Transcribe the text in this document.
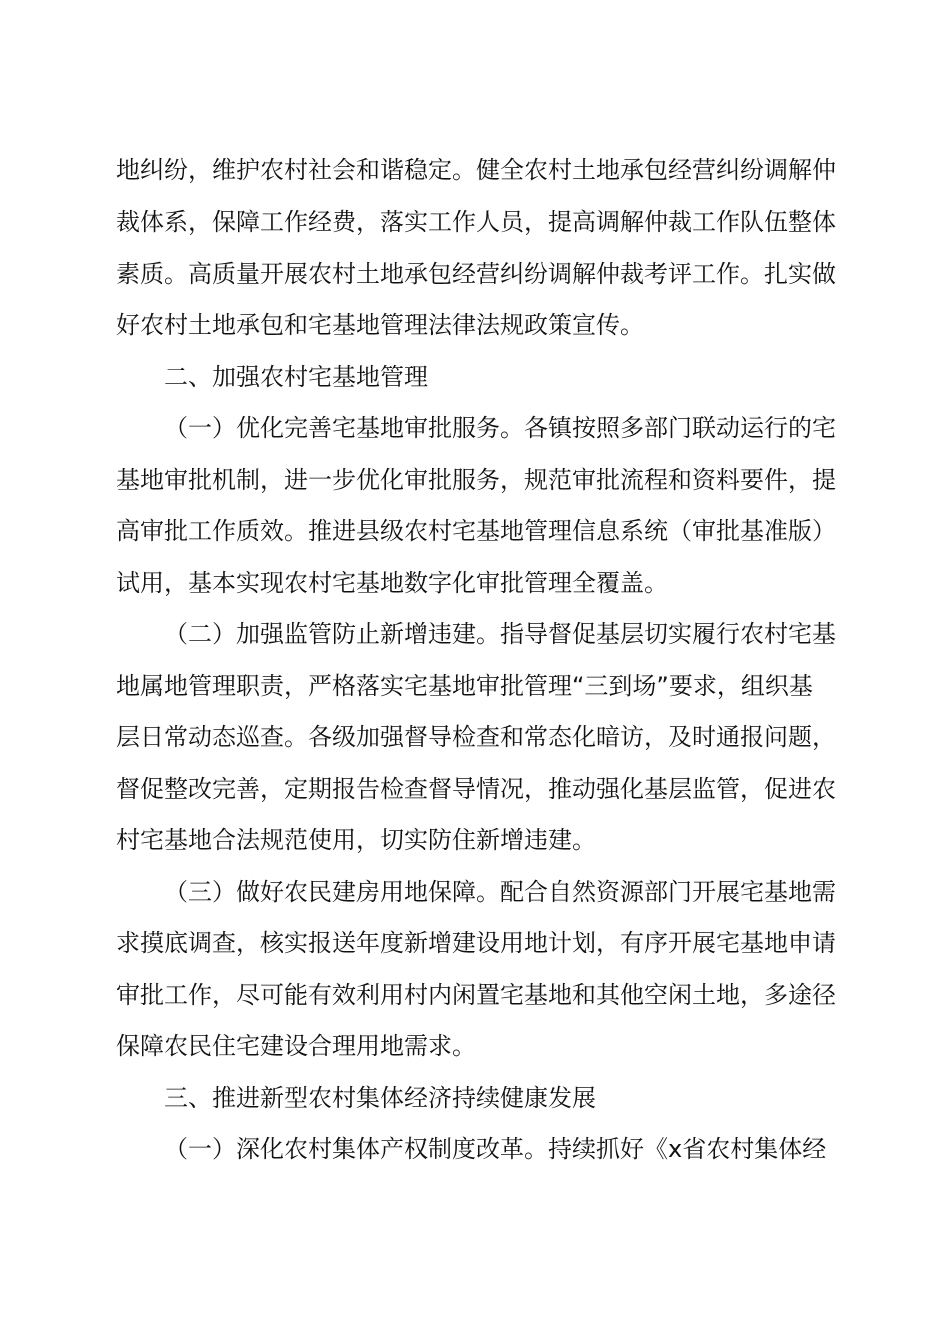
地纠纷，维护农村社会和谐稳定。健全农村土地承包经营纠纷调解仲
裁体系，保障工作经费，落实工作人员，提高调解仲裁工作队伍整体
素质。高质量开展农村土地承包经营纠纷调解仲裁考评工作。扎实做
好农村土地承包和宅基地管理法律法规政策宣传。
二、加强农村宅基地管理
（一）优化完善宅基地审批服务。各镇按照多部门联动运行的宅
基地审批机制，进一步优化审批服务，规范审批流程和资料要件，提
高审批工作质效。推进县级农村宅基地管理信息系统（审批基准版）
试用，基本实现农村宅基地数字化审批管理全覆盖。
（二）加强监管防止新增违建。指导督促基层切实履行农村宅基
地属地管理职责，严格落实宅基地审批管理“三到场”要求，组织基
层日常动态巡查。各级加强督导检查和常态化暗访，及时通报问题，
督促整改完善，定期报告检查督导情况，推动强化基层监管，促进农
村宅基地合法规范使用，切实防住新增违建。
（三）做好农民建房用地保障。配合自然资源部门开展宅基地需
求摸底调查，核实报送年度新增建设用地计划，有序开展宅基地申请
审批工作，尽可能有效利用村内闲置宅基地和其他空闲土地，多途径
保障农民住宅建设合理用地需求。
三、推进新型农村集体经济持续健康发展
（一）深化农村集体产权制度改革。持续抓好《x省农村集体经
